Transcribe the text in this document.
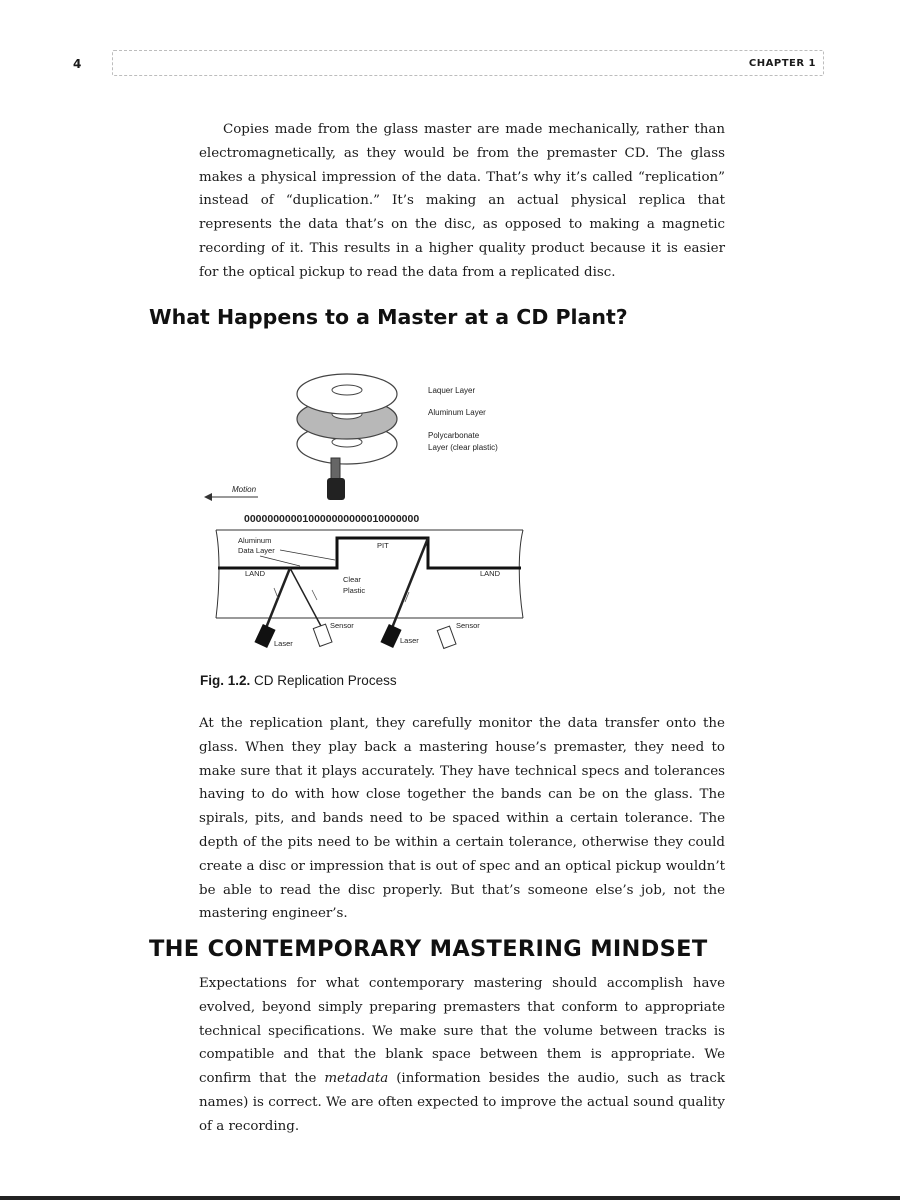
4	CHAPTER 1

Copies made from the glass master are made mechanically, rather than electromagnetically, as they would be from the premaster CD. The glass makes a physical impression of the data. That’s why it’s called “replication” instead of “duplication.” It’s making an actual physical replica that represents the data that’s on the disc, as opposed to making a magnetic recording of it. This results in a higher quality product because it is easier for the optical pickup to read the data from a replicated disc.

What Happens to a Master at a CD Plant?
Laquer Layer
Aluminum Layer
Polycarbonate
Layer (clear plastic)
Motion
000000000010000000000010000000
Aluminum
Data Layer
PIT
LAND	LAND
Clear
Plastic
Laser
Sensor
Laser
Sensor
Fig. 1.2. CD Replication Process

At the replication plant, they carefully monitor the data transfer onto the glass. When they play back a mastering house’s premaster, they need to make sure that it plays accurately. They have technical specs and tolerances having to do with how close together the bands can be on the glass. The spirals, pits, and bands need to be spaced within a certain tolerance. The depth of the pits need to be within a certain tolerance, otherwise they could create a disc or impression that is out of spec and an optical pickup wouldn’t be able to read the disc properly. But that’s someone else’s job, not the mastering engineer’s.

THE CONTEMPORARY MASTERING MINDSET

Expectations for what contemporary mastering should accomplish have evolved, beyond simply preparing premasters that conform to appropriate technical specifications. We make sure that the volume between tracks is compatible and that the blank space between them is appropriate. We confirm that the metadata (information besides the audio, such as track names) is correct. We are often expected to improve the actual sound quality of a recording.
